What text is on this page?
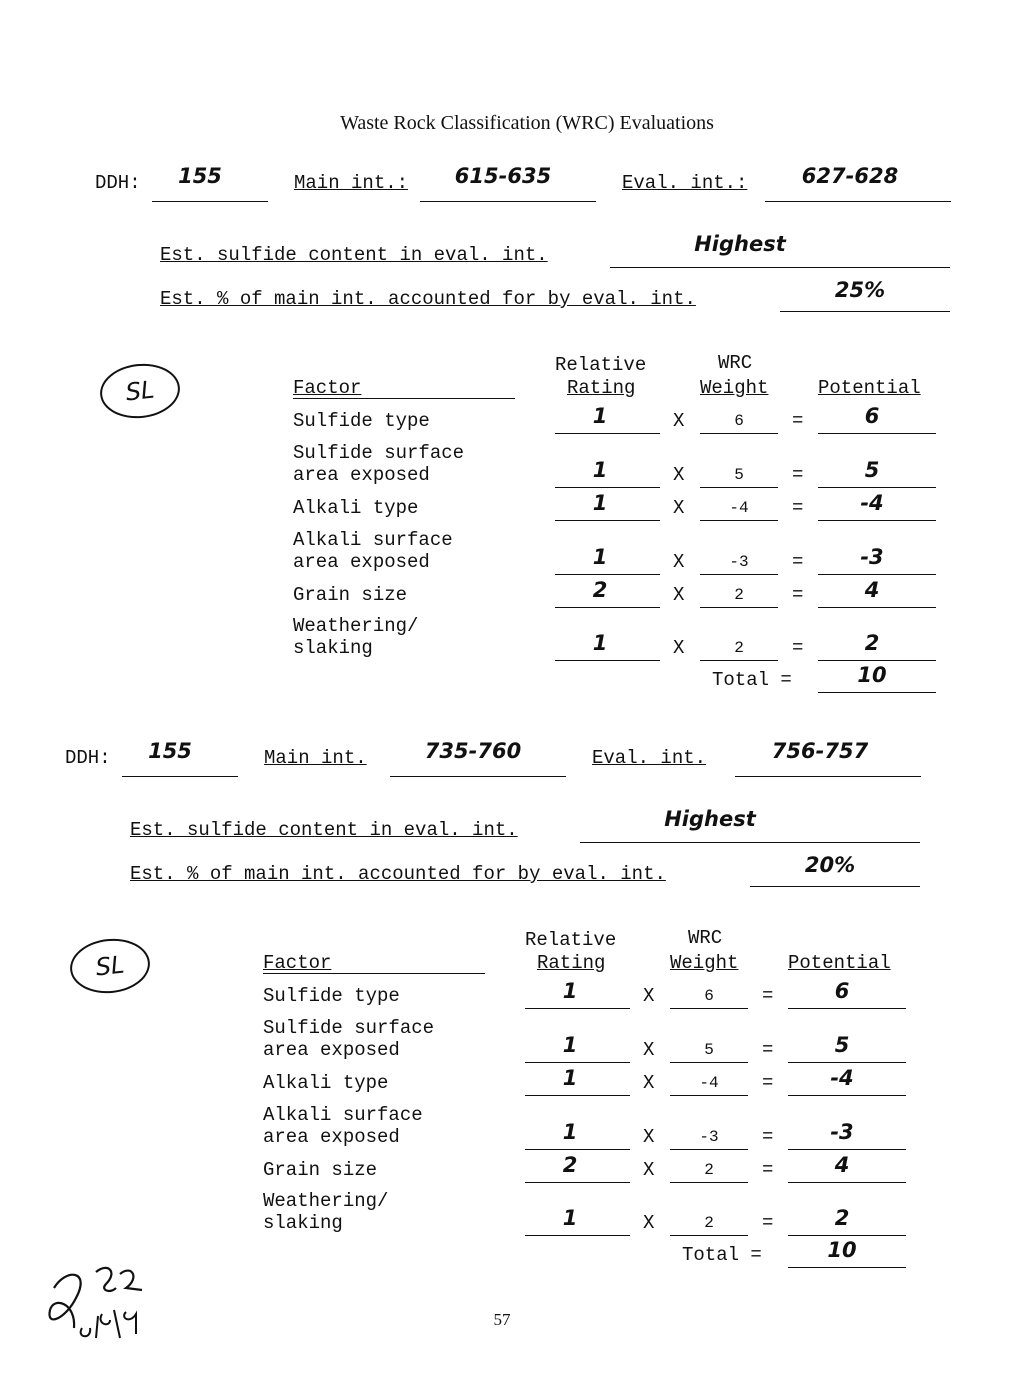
Waste Rock Classification (WRC) Evaluations
DDH:	155	Main int.:	615-635	Eval. int.:	627-628
Est. sulfide content in eval. int.	Highest
Est. % of main int. accounted for by eval. int.	25%
SL
Relative	WRC
Factor	Rating	Weight	Potential
Sulfide type	1	X	6	=	6
Sulfide surface
area exposed	1	X	5	=	5
Alkali type	1	X	-4	=	-4
Alkali surface
area exposed	1	X	-3	=	-3
Grain size	2	X	2	=	4
Weathering/
slaking	1	X	2	=	2
Total =	10
DDH:	155	Main int.	735-760	Eval. int.	756-757
Est. sulfide content in eval. int.	Highest
Est. % of main int. accounted for by eval. int.	20%
SL
Relative	WRC
Factor	Rating	Weight	Potential
Sulfide type	1	X	6	=	6
Sulfide surface
area exposed	1	X	5	=	5
Alkali type	1	X	-4	=	-4
Alkali surface
area exposed	1	X	-3	=	-3
Grain size	2	X	2	=	4
Weathering/
slaking	1	X	2	=	2
Total =	10
57
